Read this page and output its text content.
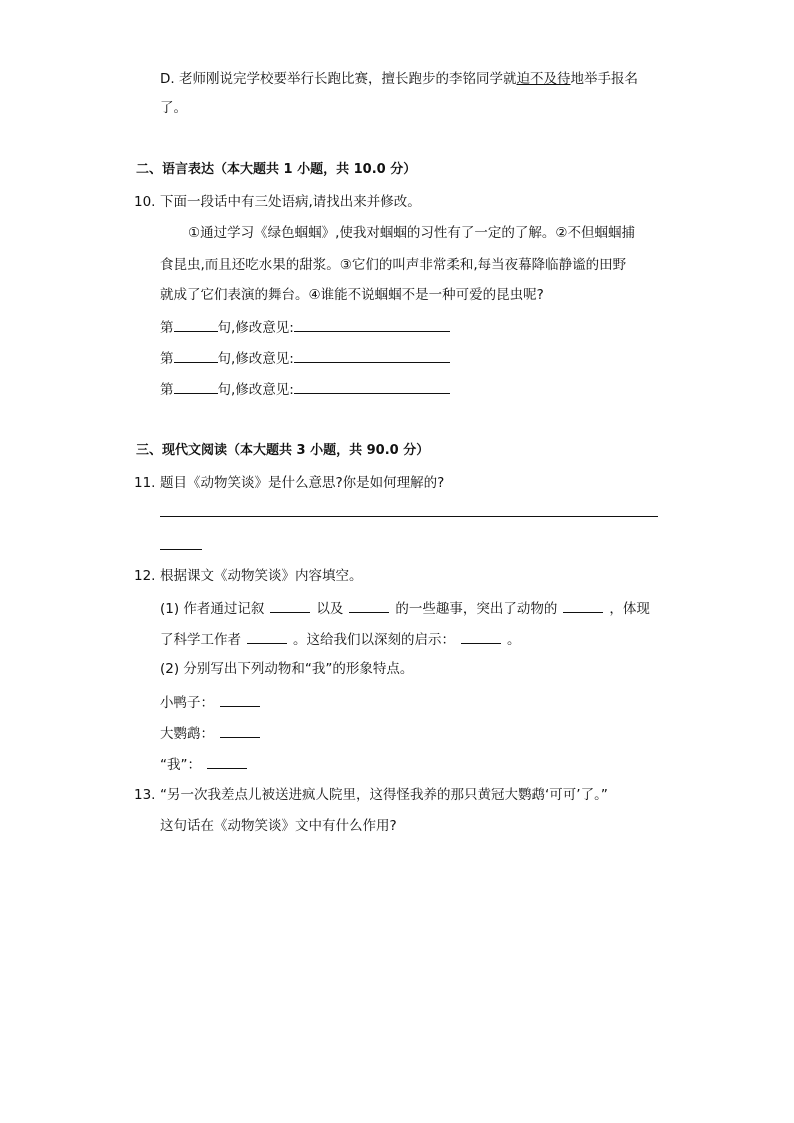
D. 老师刚说完学校要举行长跑比赛，擅长跑步的李铭同学就迫不及待地举手报名
了。
二、语言表达（本大题共 1 小题，共 10.0 分）
10. 下面一段话中有三处语病,请找出来并修改。
①通过学习《绿色蝈蝈》,使我对蝈蝈的习性有了一定的了解。②不但蝈蝈捕
食昆虫,而且还吃水果的甜浆。③它们的叫声非常柔和,每当夜幕降临静谧的田野
就成了它们表演的舞台。④谁能不说蝈蝈不是一种可爱的昆虫呢?
第	句,修改意见:
第	句,修改意见:
第	句,修改意见:
三、现代文阅读（本大题共 3 小题，共 90.0 分）
11. 题目《动物笑谈》是什么意思?你是如何理解的?
12. 根据课文《动物笑谈》内容填空。
(1) 作者通过记叙	以及	的一些趣事，突出了动物的	，体现
了科学工作者	。这给我们以深刻的启示：	。
(2) 分别写出下列动物和“我”的形象特点。
小鸭子：
大鹦鹉：
“我”：
13. “另一次我差点儿被送进疯人院里，这得怪我养的那只黄冠大鹦鹉‘可可’了。”
这句话在《动物笑谈》文中有什么作用?
